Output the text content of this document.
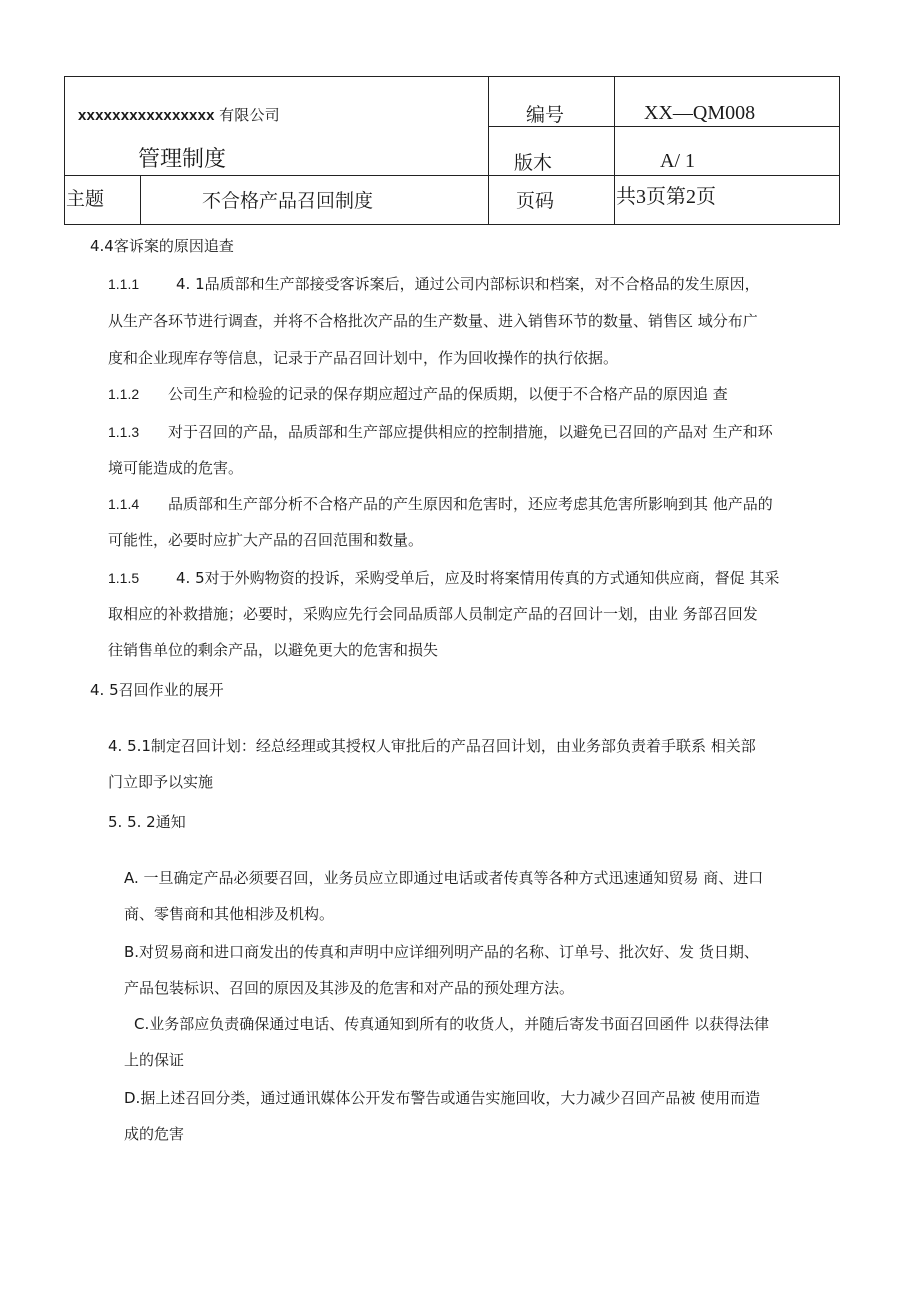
xxxxxxxxxxxxxxxx 有限公司
管理制度
编号	XX—QM008
版木	A/ 1
主题	不合格产品召回制度	页码	共3页第2页
4.4客诉案的原因追查
1.1.1 4. 1品质部和生产部接受客诉案后，通过公司内部标识和档案，对不合格品的发生原因，
从生产各环节进行调查，并将不合格批次产品的生产数量、进入销售环节的数量、销售区 域分布广
度和企业现库存等信息，记录于产品召回计划中，作为回收操作的执行依据。
1.1.2 公司生产和检验的记录的保存期应超过产品的保质期，以便于不合格产品的原因追 查
1.1.3 对于召回的产品，品质部和生产部应提供相应的控制措施，以避免已召回的产品对 生产和环
境可能造成的危害。
1.1.4 品质部和生产部分析不合格产品的产生原因和危害时，还应考虑其危害所影响到其 他产品的
可能性，必要时应扩大产品的召回范围和数量。
1.1.5 4. 5对于外购物资的投诉，采购受单后，应及时将案情用传真的方式通知供应商，督促 其采
取相应的补救措施；必要时，采购应先行会同品质部人员制定产品的召回计一划，由业 务部召回发
往销售单位的剩余产品，以避免更大的危害和损失
4. 5召回作业的展开
4. 5.1制定召回计划：经总经理或其授权人审批后的产品召回计划，由业务部负责着手联系 相关部
门立即予以实施
5. 5. 2通知
A. 一旦确定产品必须要召回，业务员应立即通过电话或者传真等各种方式迅速通知贸易 商、进口
商、零售商和其他相涉及机构。
B.对贸易商和进口商发出的传真和声明中应详细列明产品的名称、订单号、批次好、发 货日期、
产品包装标识、召回的原因及其涉及的危害和对产品的预处理方法。
C.业务部应负责确保通过电话、传真通知到所有的收货人，并随后寄发书面召回函件 以获得法律
上的保证
D.据上述召回分类，通过通讯媒体公开发布警告或通告实施回收，大力减少召回产品被 使用而造
成的危害
